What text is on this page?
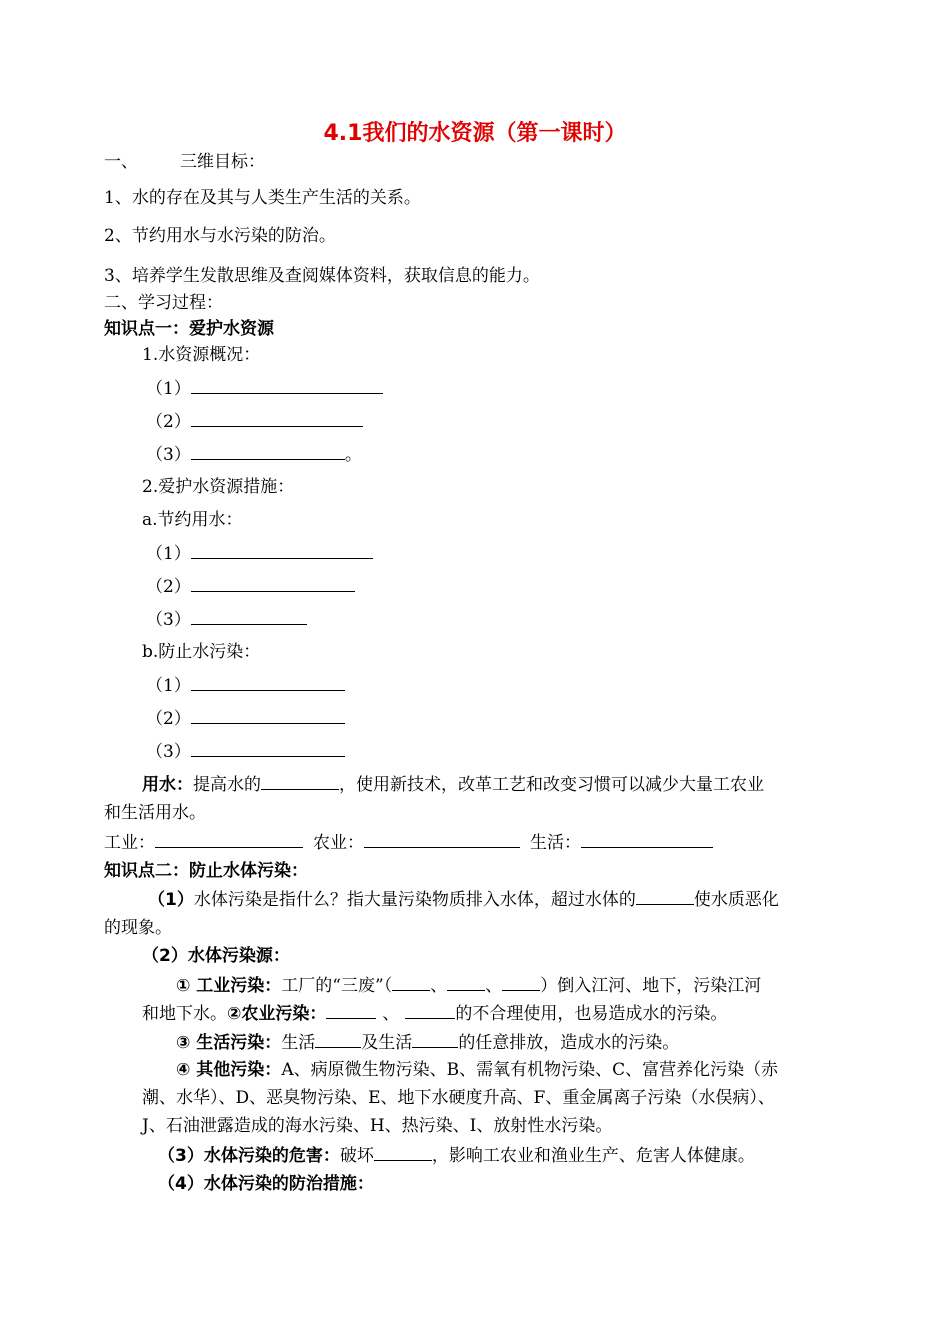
4.1我们的水资源（第一课时）
一、 三维目标：
1、水的存在及其与人类生产生活的关系。
2、节约用水与水污染的防治。
3、培养学生发散思维及查阅媒体资料，获取信息的能力。
二、学习过程：
知识点一：爱护水资源
1.水资源概况：
（1）
（2）
（3）	。
2.爱护水资源措施：
a.节约用水：
（1）
（2）
（3）
b.防止水污染：
（1）
（2）
（3）
用水：提高水的	，使用新技术，改革工艺和改变习惯可以减少大量工农业
和生活用水。
工业：	农业：	生活：
知识点二：防止水体污染：
（1）水体污染是指什么？指大量污染物质排入水体，超过水体的	使水质恶化
的现象。
（2）水体污染源：
① 工业污染：工厂的“三废”（ 、 、 ）倒入江河、地下，污染江河
和地下水。②农业污染：	、	的不合理使用，也易造成水的污染。
③ 生活污染：生活	及生活	的任意排放，造成水的污染。
④ 其他污染：A、病原微生物污染、B、需氧有机物污染、C、富营养化污染（赤
潮、水华）、D、恶臭物污染、E、地下水硬度升高、F、重金属离子污染（水俣病）、
J、石油泄露造成的海水污染、H、热污染、I、放射性水污染。
（3）水体污染的危害：破坏	，影响工农业和渔业生产、危害人体健康。
（4）水体污染的防治措施：
